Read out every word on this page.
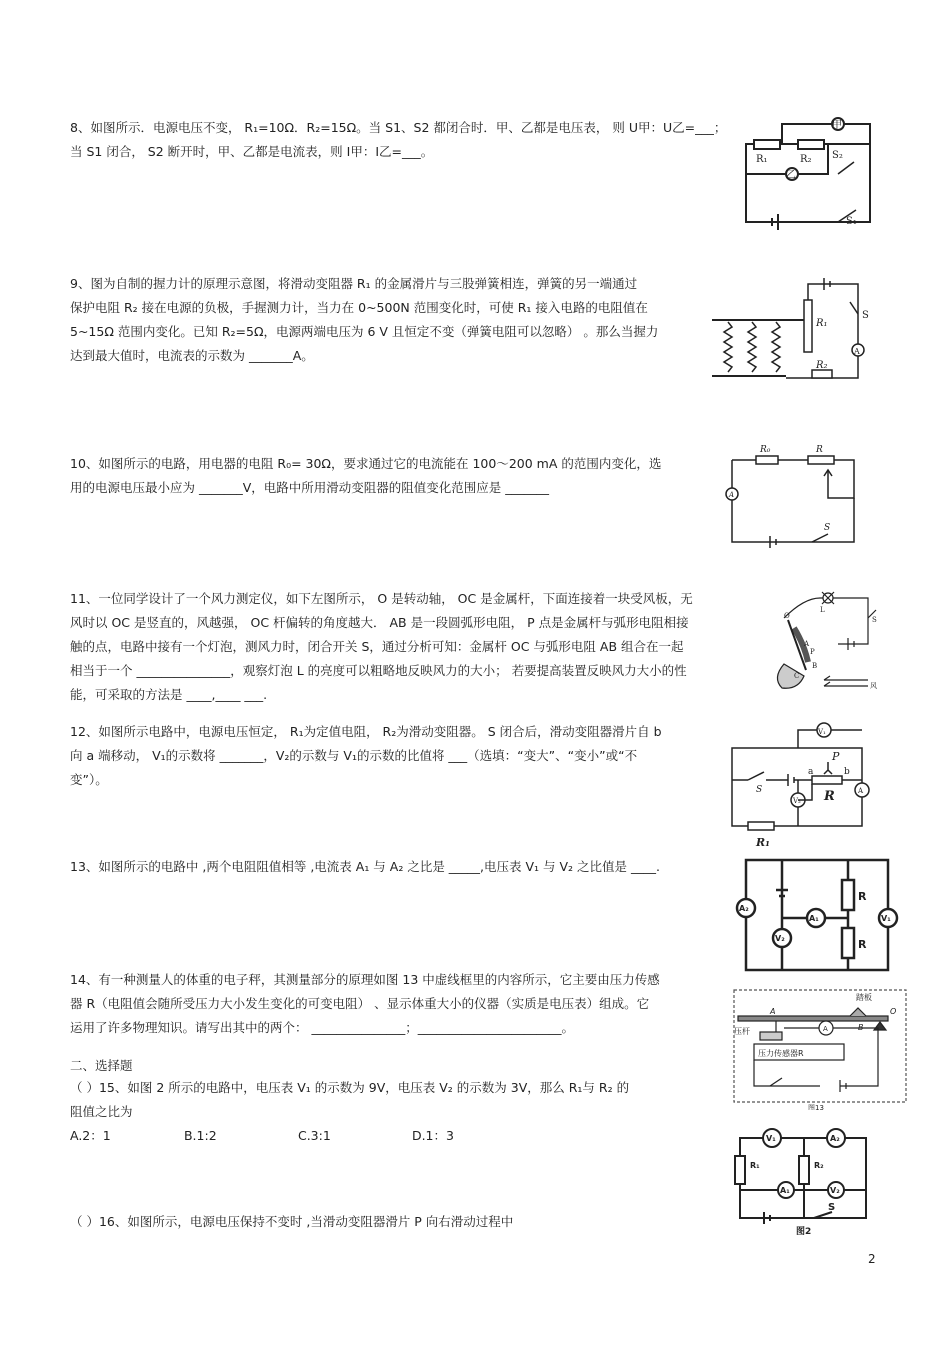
8、如图所示．电源电压不变， R₁=10Ω．R₂=15Ω。当 S1、S2 都闭合时．甲、乙都是电压表， 则 U甲：U乙=___；

当 S1 闭合， S2 断开时，甲、乙都是电流表，则 I甲：I乙=___。

甲
R₁	R₂ S₂
乙
S₁

9、图为自制的握力计的原理示意图，将滑动变阻器 R₁ 的金属滑片与三股弹簧相连，弹簧的另一端通过

保护电阻 R₂ 接在电源的负极，手握测力计，当力在 0~500N 范围变化时，可使 R₁ 接入电路的电阻值在

5~15Ω 范围内变化。已知 R₂=5Ω，电源两端电压为 6 V 且恒定不变（弹簧电阻可以忽略） 。那么当握力

达到最大值时，电流表的示数为 _______A。

R₁
S
A
R₂

10、如图所示的电路，用电器的电阻 R₀= 30Ω，要求通过它的电流能在 100～200 mA 的范围内变化，选

用的电源电压最小应为 _______V，电路中所用滑动变阻器的阻值变化范围应是 _______

R₀	R
A
S

11、一位同学设计了一个风力测定仪，如下左图所示， O 是转动轴， OC 是金属杆，下面连接着一块受风板，无

风时以 OC 是竖直的，风越强， OC 杆偏转的角度越大． AB 是一段圆弧形电阻， P 点是金属杆与弧形电阻相接

触的点，电路中接有一个灯泡，测风力时，闭合开关 S，通过分析可知：金属杆 OC 与弧形电阻 AB 组合在一起

相当于一个 _______________，观察灯泡 L 的亮度可以粗略地反映风力的大小； 若要提高装置反映风力大小的性

能，可采取的方法是 ____,____ ___.

L
S
A
O
B
P
C
风

12、如图所示电路中，电源电压恒定， R₁为定值电阻， R₂为滑动变阻器。 S 闭合后，滑动变阻器滑片自 b

向 a 端移动， V₁的示数将 _______，V₂的示数与 V₁的示数的比值将 ___（选填：“变大”、“变小”或“不

变”）。

V₁
P
S
a	b
R	A
V₂
R₁

13、如图所示的电路中 ,两个电阻阻值相等 ,电流表 A₁ 与 A₂ 之比是 _____,电压表 V₁ 与 V₂ 之比值是 ____.

A₂
A₁
V₂
V₁
R
R

14、有一种测量人的体重的电子秤，其测量部分的原理如图 13 中虚线框里的内容所示，它主要由压力传感

器 R（电阻值会随所受压力大小发生变化的可变电阻） 、显示体重大小的仪器（实质是电压表）组成。它

运用了许多物理知识。请写出其中的两个： _______________；_______________________。

踏板
O
A
B
压杆	A
压力传感器R
图13
二、选择题

（ ）15、如图 2 所示的电路中，电压表 V₁ 的示数为 9V，电压表 V₂ 的示数为 3V，那么 R₁与 R₂ 的

阻值之比为

A.2：1	B.1:2	C.3:1	D.1：3	V₁	A₂
R₁	R₂
A₁	V₂
S
图2

（ ）16、如图所示，电源电压保持不变时 ,当滑动变阻器滑片 P 向右滑动过程中

2
